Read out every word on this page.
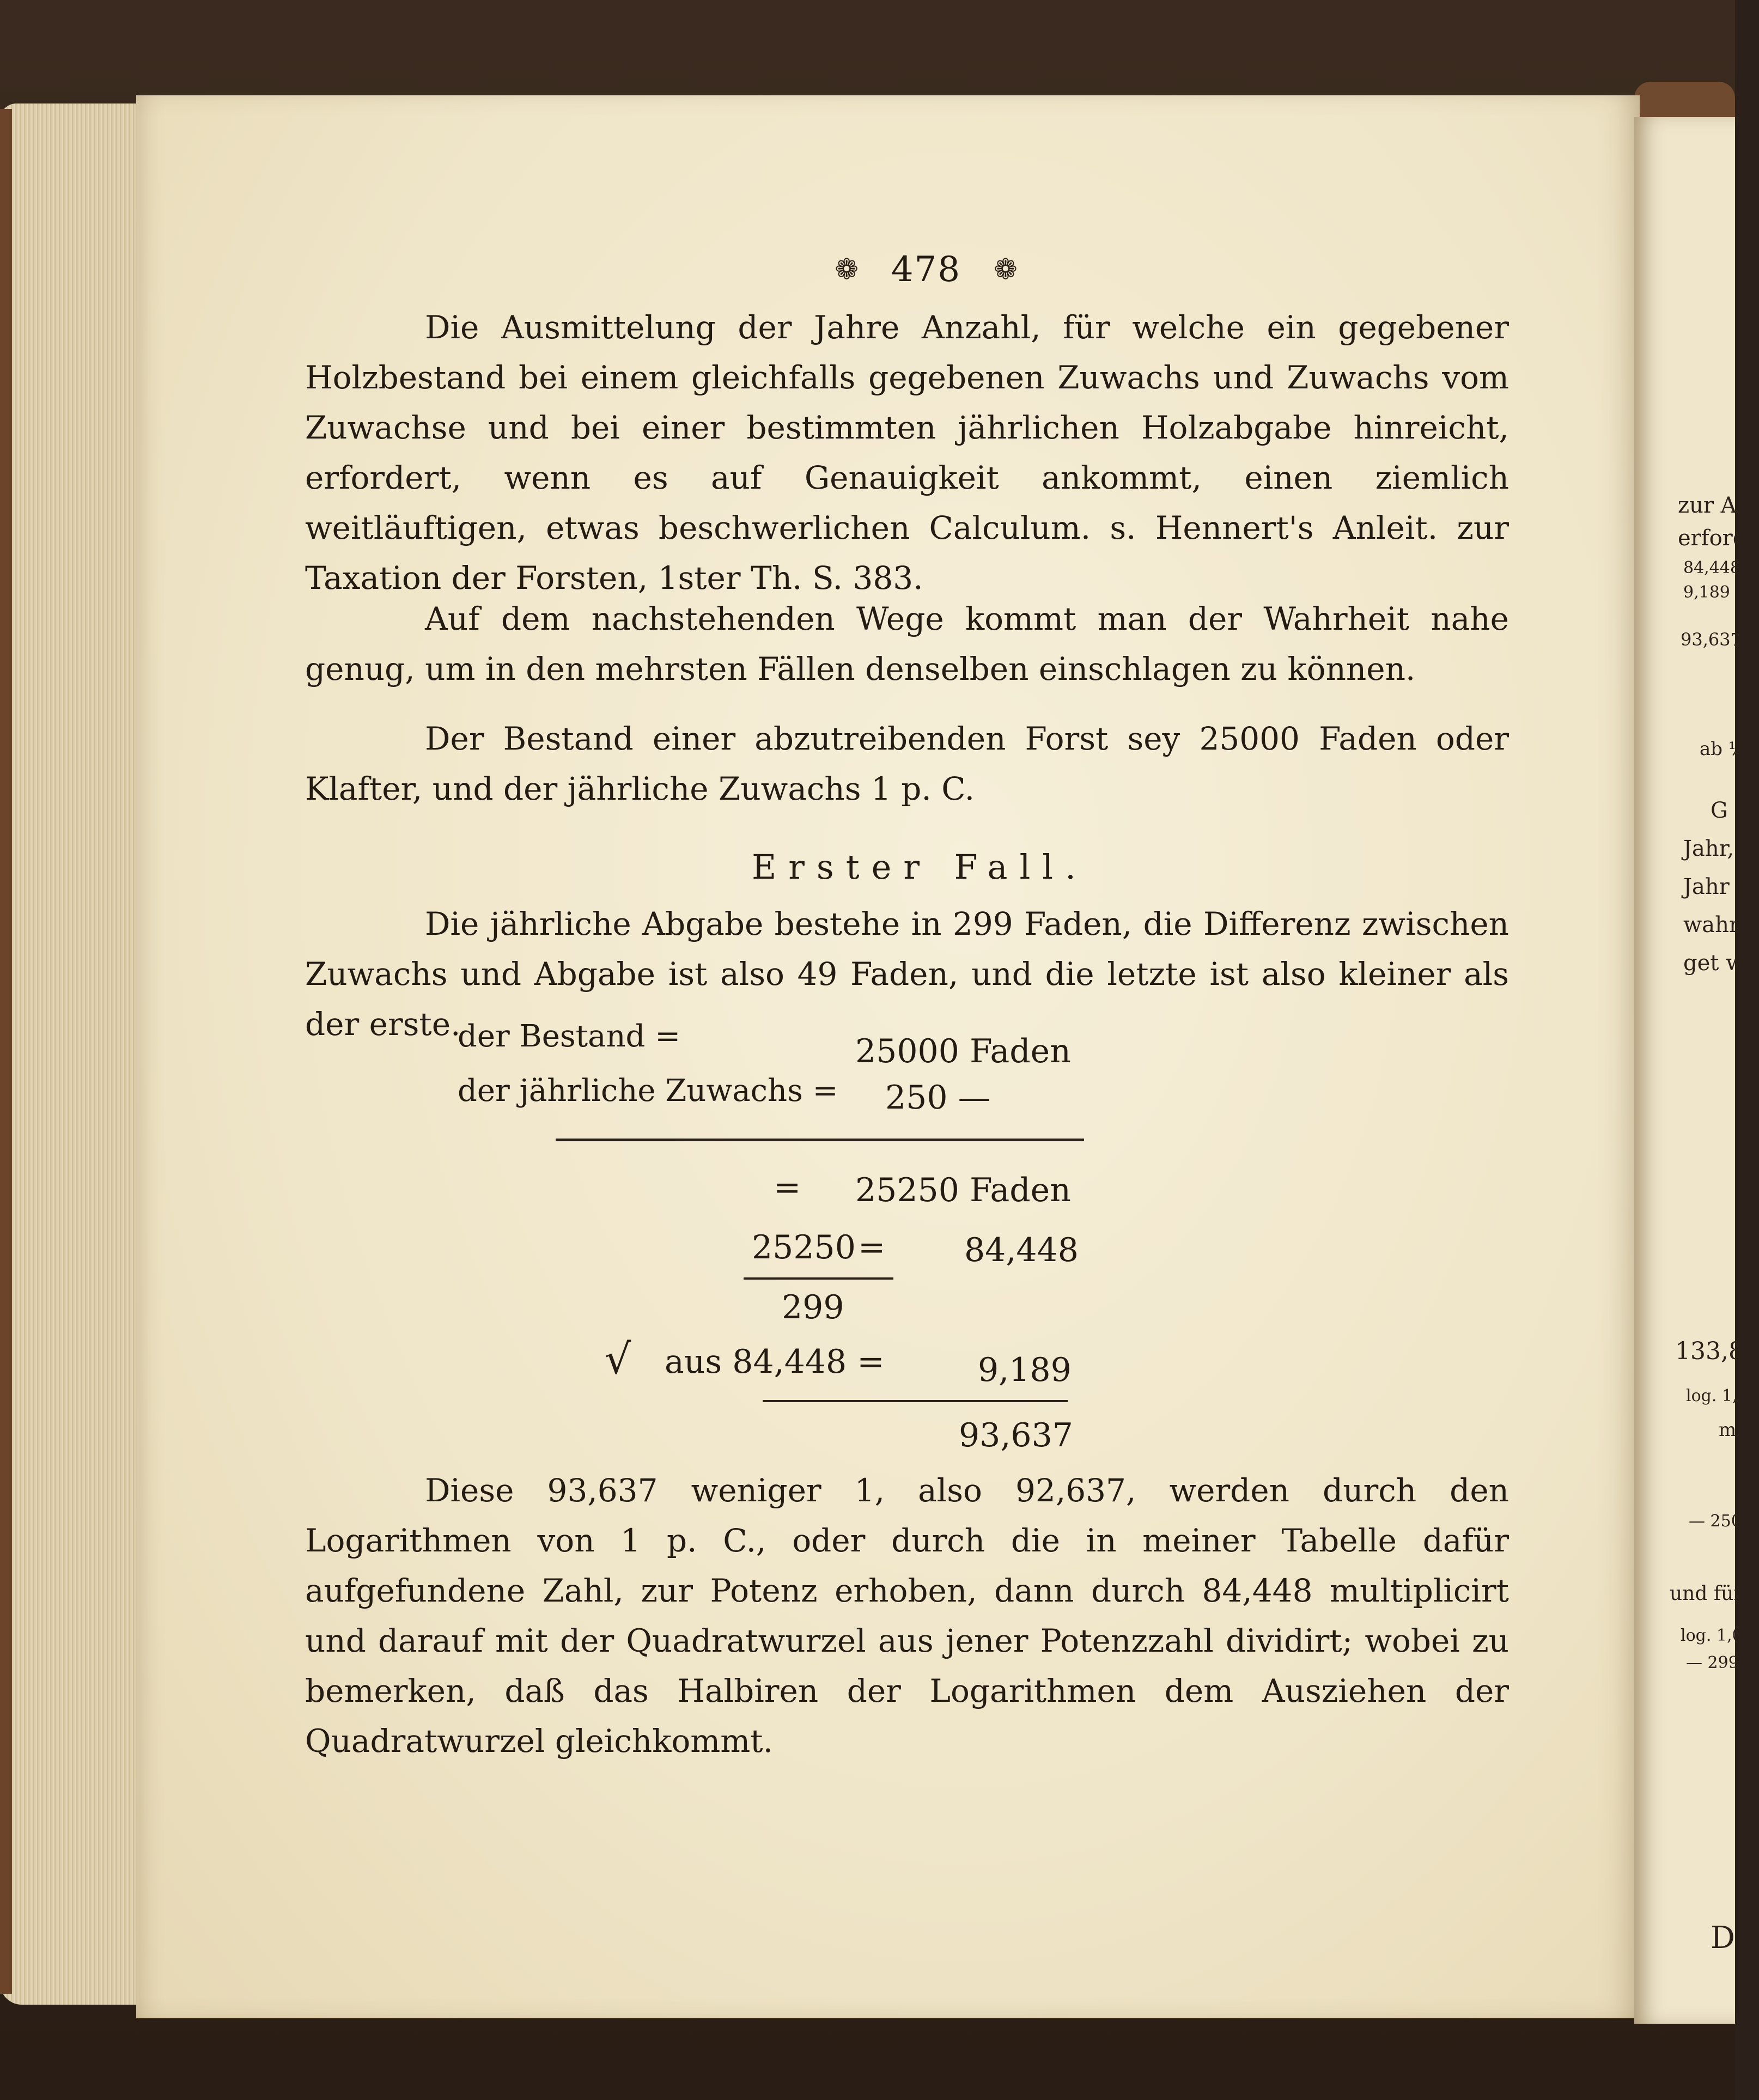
zur A
erford
84,448
9,189
93,637
ab ½
G
Jahr,
Jahr z
wahre
get we
133,89
log. 1,
m
— 250
und für
log. 1,0
— 299
D
❁ 478 ❁
Die Ausmittelung der Jahre Anzahl, für welche ein gegebener Holzbestand bei einem gleichfalls gegebenen Zuwachs und Zuwachs vom Zuwachse und bei einer bestimmten jährlichen Holzabgabe hinreicht, erfordert, wenn es auf Genauigkeit ankommt, einen ziemlich weitläuftigen, etwas beschwerlichen Calculum. s. Hennert's Anleit. zur Taxation der Forsten, 1ster Th. S. 383.
Auf dem nachstehenden Wege kommt man der Wahrheit nahe genug, um in den mehrsten Fällen denselben einschlagen zu können.
Der Bestand einer abzutreibenden Forst sey 25000 Faden oder Klafter, und der jährliche Zuwachs 1 p. C.
Erster Fall.
Die jährliche Abgabe bestehe in 299 Faden, die Differenz zwischen Zuwachs und Abgabe ist also 49 Faden, und die letzte ist also kleiner als der erste.
der Bestand =	25000 Faden
der jährliche Zuwachs = 250 —
= 25250 Faden
25250 = 84,448
299
√ aus 84,448 =	9,189
93,637
Diese 93,637 weniger 1, also 92,637, werden durch den Logarithmen von 1 p. C., oder durch die in meiner Tabelle dafür aufgefundene Zahl, zur Potenz erhoben, dann durch 84,448 multiplicirt und darauf mit der Quadratwurzel aus jener Potenzzahl dividirt; wobei zu bemerken, daß das Halbiren der Logarithmen dem Ausziehen der Quadratwurzel gleichkommt.
